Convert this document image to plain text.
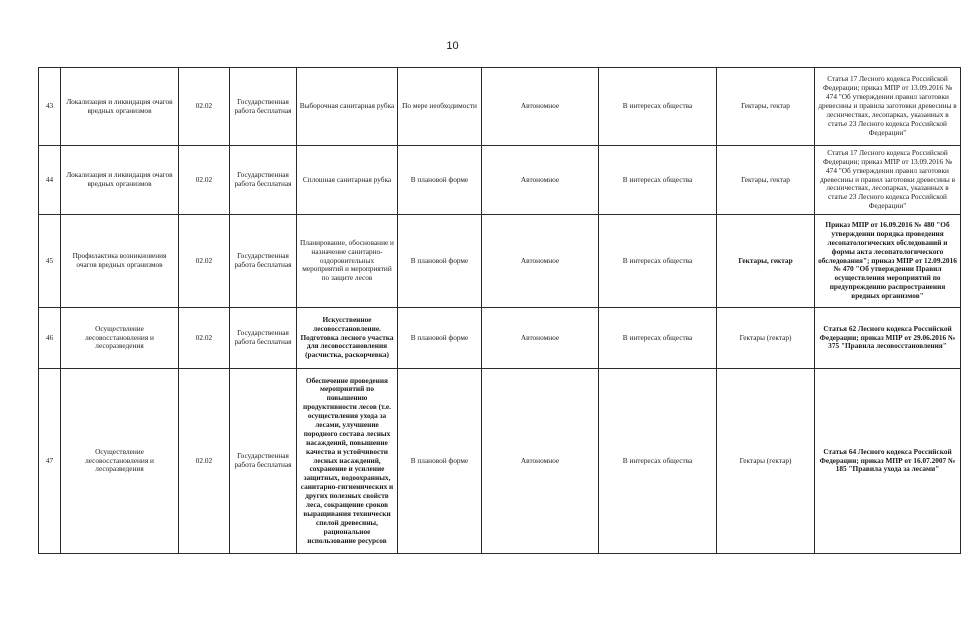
10
43	Локализация и ликвидация очагов вредных организмов	02.02	Государственная работа бесплатная	Выборочная санитарная рубка	По мере необходимости	Автономное	В интересах общества	Гектары, гектар	Статья 17 Лесного кодекса Российской Федерации; приказ МПР от 13.09.2016 № 474 "Об утверждении правил заготовки древесины и правила заготовки древесины в лесничествах, лесопарках, указанных в статье 23 Лесного кодекса Российской Федерации"
44	Локализация и ликвидация очагов вредных организмов	02.02	Государственная работа бесплатная	Сплошная санитарная рубка	В плановой форме	Автономное	В интересах общества	Гектары, гектар	Статья 17 Лесного кодекса Российской Федерации; приказ МПР от 13.09.2016 № 474 "Об утверждении правил заготовки древесины и правил заготовки древесины в лесничествах, лесопарках, указанных в статье 23 Лесного кодекса Российской Федерации"
45	Профилактика возникновения очагов вредных организмов	02.02	Государственная работа бесплатная	Планирование, обоснование и назначение санитарно-оздоровительных мероприятий и мероприятий по защите лесов	В плановой форме	Автономное	В интересах общества	Гектары, гектар	Приказ МПР от 16.09.2016 № 480 "Об утверждении порядка проведения лесопатологических обследований и формы акта лесопатологического обследования"; приказ МПР от 12.09.2016 № 470 "Об утверждении Правил осуществления мероприятий по предупреждению распространения вредных организмов"
46	Осуществление лесовосстановления и лесоразведения	02.02	Государственная работа бесплатная	Искусственное лесовосстановление. Подготовка лесного участка для лесовосстановления (расчистка, раскорчевка)	В плановой форме	Автономное	В интересах общества	Гектары (гектар)	Статья 62 Лесного кодекса Российской Федерации; приказ МПР от 29.06.2016 № 375 "Правила лесовосстановления"
47	Осуществление лесовосстановления и лесоразведения	02.02	Государственная работа бесплатная	Обеспечение проведения мероприятий по повышению продуктивности лесов (т.е. осуществления ухода за лесами, улучшение породного состава лесных насаждений, повышение качества и устойчивости лесных насаждений, сохранение и усиление защитных, водоохранных, санитарно-гигиенических и других полезных свойств леса, сокращение сроков выращивания технически спелой древесины, рациональное использование ресурсов	В плановой форме	Автономное	В интересах общества	Гектары (гектар)	Статья 64 Лесного кодекса Российской Федерации; приказ МПР от 16.07.2007 № 185 "Правила ухода за лесами"
